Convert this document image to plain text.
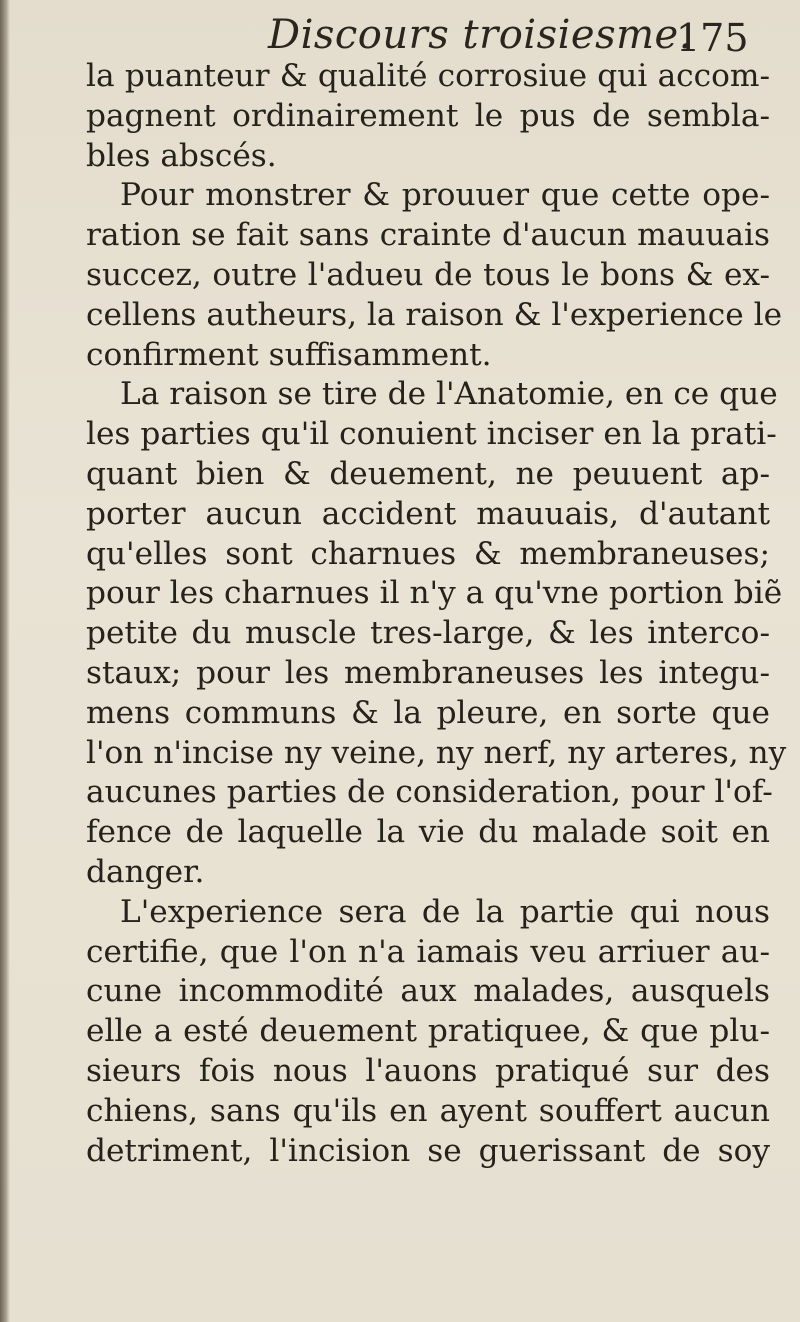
Discours troisiesme.
175
la puanteur & qualité corrosiue qui accom-
pagnent ordinairement le pus de sembla-
bles abscés.
Pour monstrer & prouuer que cette ope-
ration se fait sans crainte d'aucun mauuais
succez, outre l'adueu de tous le bons & ex-
cellens autheurs, la raison & l'experience le
confirment suffisamment.
La raison se tire de l'Anatomie, en ce que
les parties qu'il conuient inciser en la prati-
quant bien & deuement, ne peuuent ap-
porter aucun accident mauuais, d'autant
qu'elles sont charnues & membraneuses;
pour les charnues il n'y a qu'vne portion biẽ
petite du muscle tres-large, & les interco-
staux; pour les membraneuses les integu-
mens communs & la pleure, en sorte que
l'on n'incise ny veine, ny nerf, ny arteres, ny
aucunes parties de consideration, pour l'of-
fence de laquelle la vie du malade soit en
danger.
L'experience sera de la partie qui nous
certifie, que l'on n'a iamais veu arriuer au-
cune incommodité aux malades, ausquels
elle a esté deuement pratiquee, & que plu-
sieurs fois nous l'auons pratiqué sur des
chiens, sans qu'ils en ayent souffert aucun
detriment, l'incision se guerissant de soy
